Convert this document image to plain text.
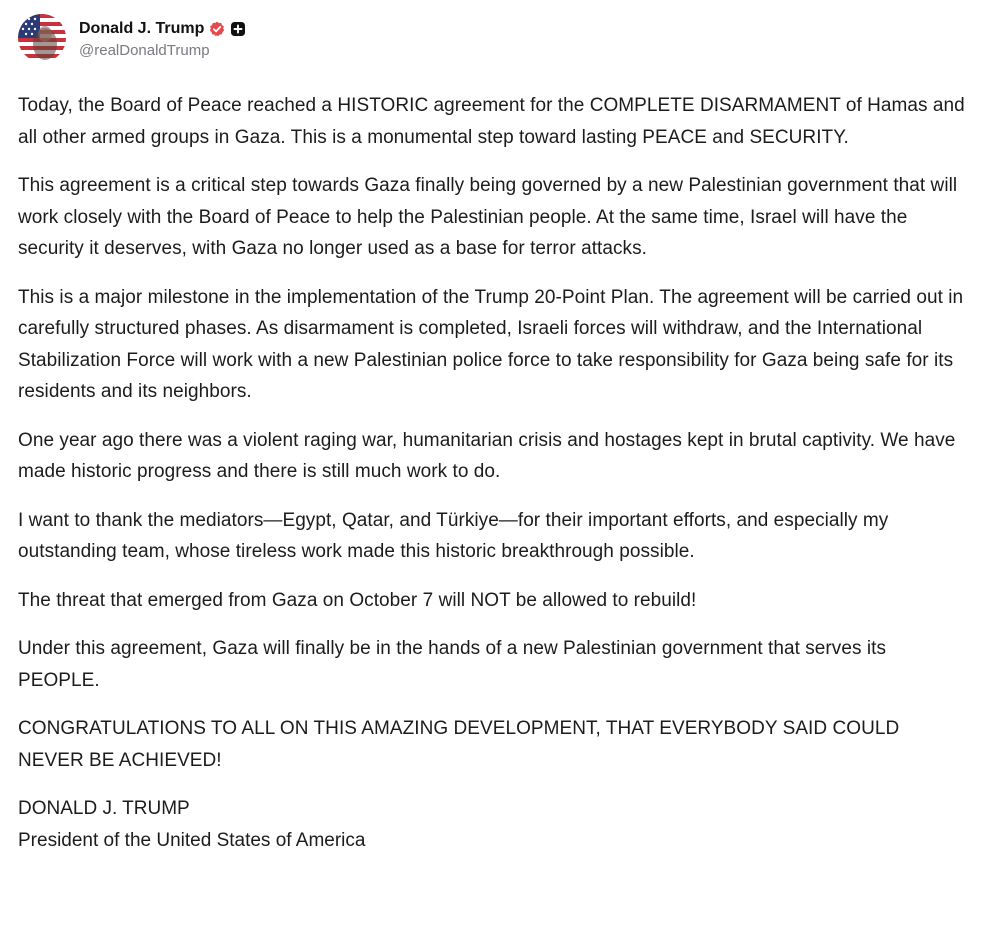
Donald J. Trump
@realDonaldTrump

Today, the Board of Peace reached a HISTORIC agreement for the COMPLETE DISARMAMENT of Hamas and all other armed groups in Gaza. This is a monumental step toward lasting PEACE and SECURITY.

This agreement is a critical step towards Gaza finally being governed by a new Palestinian government that will work closely with the Board of Peace to help the Palestinian people. At the same time, Israel will have the security it deserves, with Gaza no longer used as a base for terror attacks.

This is a major milestone in the implementation of the Trump 20-Point Plan. The agreement will be carried out in carefully structured phases. As disarmament is completed, Israeli forces will withdraw, and the International Stabilization Force will work with a new Palestinian police force to take responsibility for Gaza being safe for its residents and its neighbors.

One year ago there was a violent raging war, humanitarian crisis and hostages kept in brutal captivity. We have made historic progress and there is still much work to do.

I want to thank the mediators—Egypt, Qatar, and Türkiye—for their important efforts, and especially my outstanding team, whose tireless work made this historic breakthrough possible.

The threat that emerged from Gaza on October 7 will NOT be allowed to rebuild!

Under this agreement, Gaza will finally be in the hands of a new Palestinian government that serves its PEOPLE.

CONGRATULATIONS TO ALL ON THIS AMAZING DEVELOPMENT, THAT EVERYBODY SAID COULD NEVER BE ACHIEVED!

DONALD J. TRUMP
President of the United States of America
